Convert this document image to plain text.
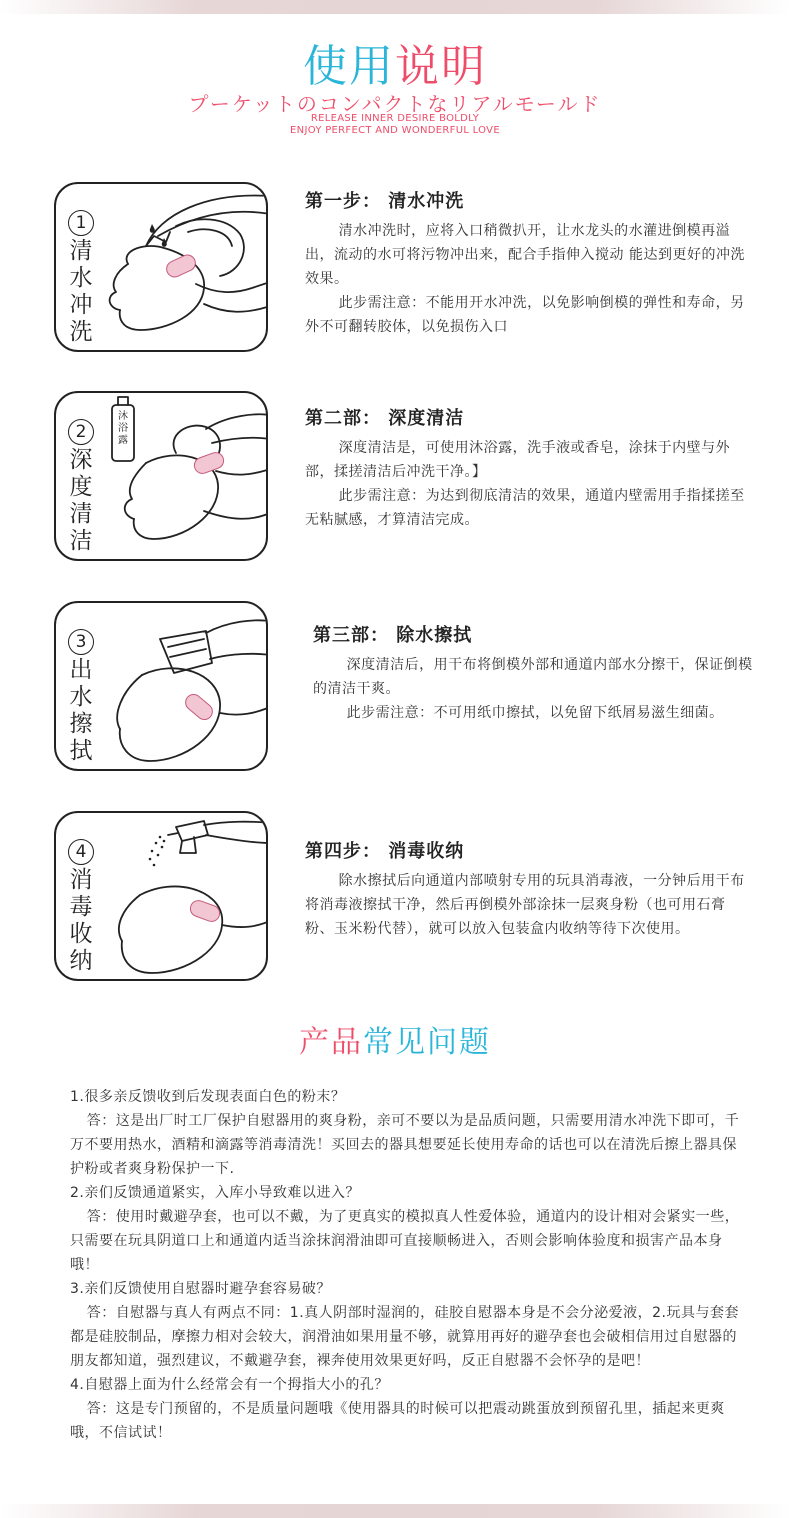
使用说明
プーケットのコンパクトなリアルモールド
RELEASE INNER DESIRE BOLDLY
ENJOY PERFECT AND WONDERFUL LOVE
1
清
水
冲
洗
第一步： 清水冲洗

清水冲洗时，应将入口稍微扒开，让水龙头的水灌进倒模再溢出，流动的水可将污物冲出来，配合手指伸入搅动 能达到更好的冲洗效果。

此步需注意：不能用开水冲洗，以免影响倒模的弹性和寿命，另外不可翻转胶体，以免损伤入口

沐浴露
2
深
度
清
洁
第二部： 深度清洁

深度清洁是，可使用沐浴露，洗手液或香皂，涂抹于内壁与外部，揉搓清洁后冲洗干净。】

此步需注意：为达到彻底清洁的效果，通道内壁需用手指揉搓至无粘腻感，才算清洁完成。

3
出
水
擦
拭
第三部： 除水擦拭

深度清洁后，用干布将倒模外部和通道内部水分擦干，保证倒模的清洁干爽。

此步需注意：不可用纸巾擦拭，以免留下纸屑易滋生细菌。

4
消
毒
收
纳
第四步： 消毒收纳

除水擦拭后向通道内部喷射专用的玩具消毒液，一分钟后用干布将消毒液擦拭干净，然后再倒模外部涂抹一层爽身粉（也可用石膏粉、玉米粉代替），就可以放入包装盒内收纳等待下次使用。

产品常见问题
1.很多亲反馈收到后发现表面白色的粉末？
答：这是出厂时工厂保护自慰器用的爽身粉，亲可不要以为是品质问题，只需要用清水冲洗下即可，千万不要用热水，酒精和滴露等消毒清洗！买回去的器具想要延长使用寿命的话也可以在清洗后擦上器具保护粉或者爽身粉保护一下.
2.亲们反馈通道紧实，入库小导致难以进入？
答：使用时戴避孕套，也可以不戴，为了更真实的模拟真人性爱体验，通道内的设计相对会紧实一些，只需要在玩具阴道口上和通道内适当涂抹润滑油即可直接顺畅进入，否则会影响体验度和损害产品本身哦！
3.亲们反馈使用自慰器时避孕套容易破？
答：自慰器与真人有两点不同：1.真人阴部时湿润的，硅胶自慰器本身是不会分泌爱液，2.玩具与套套都是硅胶制品，摩擦力相对会较大，润滑油如果用量不够，就算用再好的避孕套也会破相信用过自慰器的朋友都知道，强烈建议，不戴避孕套，裸奔使用效果更好吗，反正自慰器不会怀孕的是吧！
4.自慰器上面为什么经常会有一个拇指大小的孔？
答：这是专门预留的，不是质量问题哦《使用器具的时候可以把震动跳蛋放到预留孔里，插起来更爽哦，不信试试！
